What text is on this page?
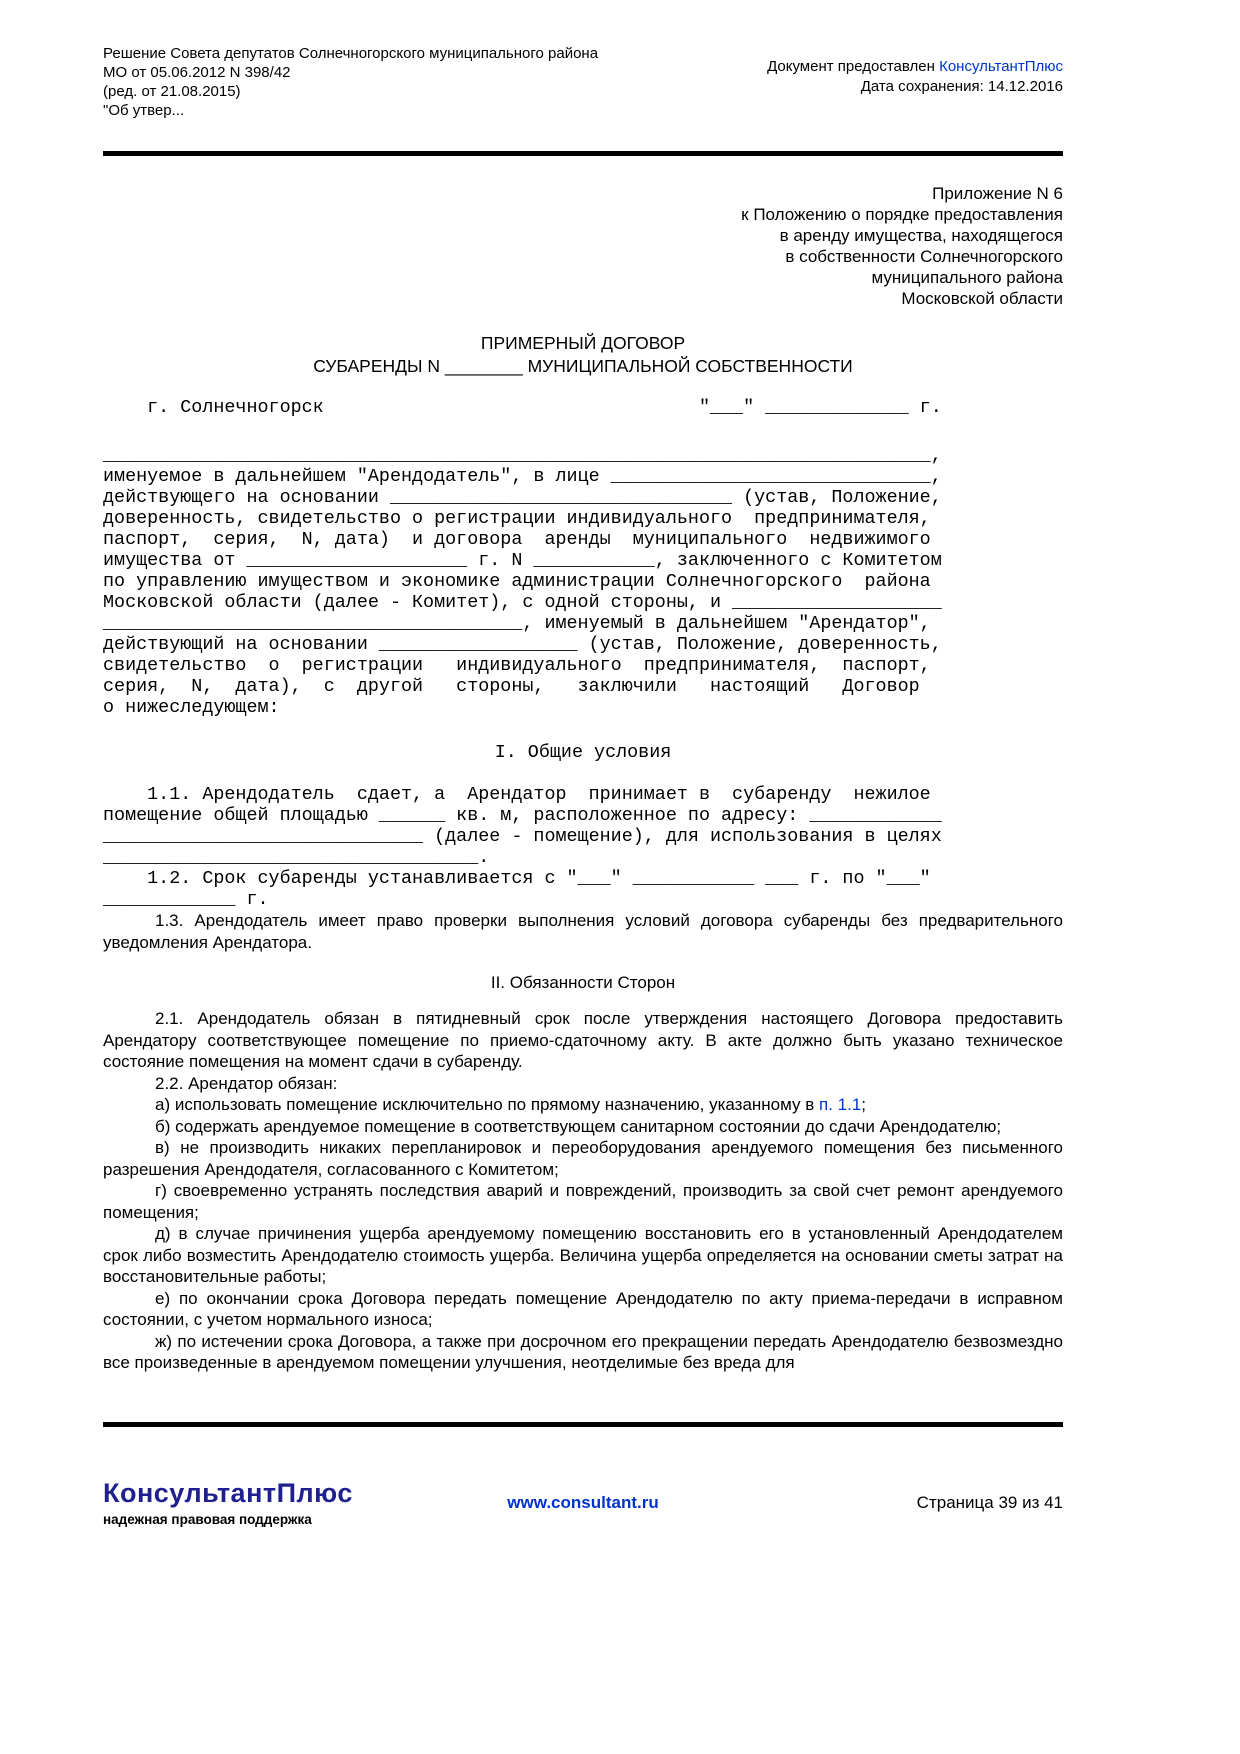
Решение Совета депутатов Солнечногорского муниципального района
МО от 05.06.2012 N 398/42
(ред. от 21.08.2015)
"Об утвер...
Документ предоставлен КонсультантПлюс
Дата сохранения: 14.12.2016
Приложение N 6
к Положению о порядке предоставления
в аренду имущества, находящегося
в собственности Солнечногорского
муниципального района
Московской области
ПРИМЕРНЫЙ ДОГОВОР
СУБАРЕНДЫ N ________ МУНИЦИПАЛЬНОЙ СОБСТВЕННОСТИ
г. Солнечногорск                                  "___" _____________ г.
___________________________________________________________________________,
именуемое в дальнейшем "Арендодатель", в лице _____________________________,
действующего на основании _______________________________ (устав, Положение,
доверенность, свидетельство о регистрации индивидуального  предпринимателя,
паспорт,  серия,  N, дата)  и договора  аренды  муниципального  недвижимого
имущества от ____________________ г. N ___________, заключенного с Комитетом
по управлению имуществом и экономике администрации Солнечногорского  района
Московской области (далее - Комитет), с одной стороны, и ___________________
______________________________________, именуемый в дальнейшем "Арендатор",
действующий на основании __________________ (устав, Положение, доверенность,
свидетельство  о  регистрации   индивидуального  предпринимателя,  паспорт,
серия,  N,  дата),  с  другой   стороны,   заключили   настоящий   Договор
о нижеследующем:
I. Общие условия
1.1. Арендодатель  сдает, а  Арендатор  принимает в  субаренду  нежилое
помещение общей площадью ______ кв. м, расположенное по адресу: ____________
_____________________________ (далее - помещение), для использования в целях
__________________________________.
1.2. Срок субаренды устанавливается с "___" ___________ ___ г. по "___"
____________ г.

1.3. Арендодатель имеет право проверки выполнения условий договора субаренды без предварительного уведомления Арендатора.

II. Обязанности Сторон

2.1. Арендодатель обязан в пятидневный срок после утверждения настоящего Договора предоставить Арендатору соответствующее помещение по приемо-сдаточному акту. В акте должно быть указано техническое состояние помещения на момент сдачи в субаренду.

2.2. Арендатор обязан:

а) использовать помещение исключительно по прямому назначению, указанному в п. 1.1;

б) содержать арендуемое помещение в соответствующем санитарном состоянии до сдачи Арендодателю;

в) не производить никаких перепланировок и переоборудования арендуемого помещения без письменного разрешения Арендодателя, согласованного с Комитетом;

г) своевременно устранять последствия аварий и повреждений, производить за свой счет ремонт арендуемого помещения;

д) в случае причинения ущерба арендуемому помещению восстановить его в установленный Арендодателем срок либо возместить Арендодателю стоимость ущерба. Величина ущерба определяется на основании сметы затрат на восстановительные работы;

е) по окончании срока Договора передать помещение Арендодателю по акту приема-передачи в исправном состоянии, с учетом нормального износа;

ж) по истечении срока Договора, а также при досрочном его прекращении передать Арендодателю безвозмездно все произведенные в арендуемом помещении улучшения, неотделимые без вреда для

КонсультантПлюс
надежная правовая поддержка
www.consultant.ru	Страница 39 из 41
